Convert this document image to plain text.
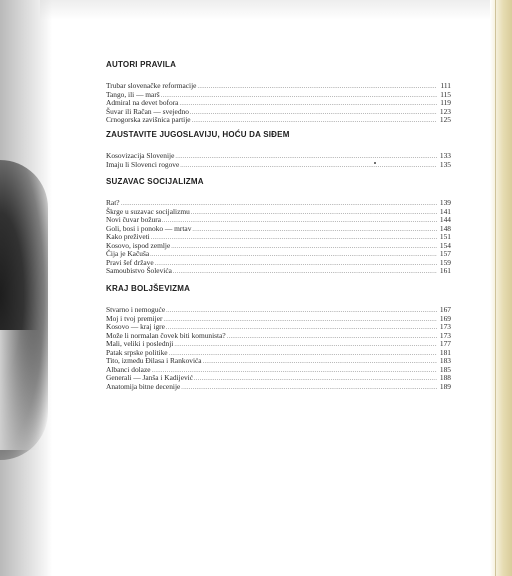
AUTORI PRAVILA
Trubar slovenačke reformacije .....	111
Tango, ili — marš .....	115
Admiral na devet bofora .....	119
Šuvar ili Račan — svejedno .....	123
Crnogorska zavišnica partije .....	125
ZAUSTAVITE JUGOSLAVIJU, HOĆU DA SIĐEM
Kosovizacija Slovenije .....	133
Imaju li Slovenci rogove .....	135
SUZAVAC SOCIJALIZMA
Rat? .....	139
Škrge u suzavac socijalizmu .....	141
Novi čuvar božura .....	144
Goli, bosi i ponoko — mrtav .....	148
Kako preživeti .....	151
Kosovo, ispod zemlje .....	154
Čija je Kačuša .....	157
Pravi šef države .....	159
Samoubistvo Šolevića .....	161
KRAJ BOLJŠEVIZMA
Stvarno i nemoguće .....	167
Moj i tvoj premijer .....	169
Kosovo — kraj igre .....	173
Može li normalan čovek biti komunista? .....	173
Mali, veliki i poslednji .....	177
Patak srpske politike .....	181
Tito, između Đilasa i Rankovića .....	183
Albanci dolaze .....	185
Generali — Janša i Kadijević .....	188
Anatomija bitne decenije .....	189
